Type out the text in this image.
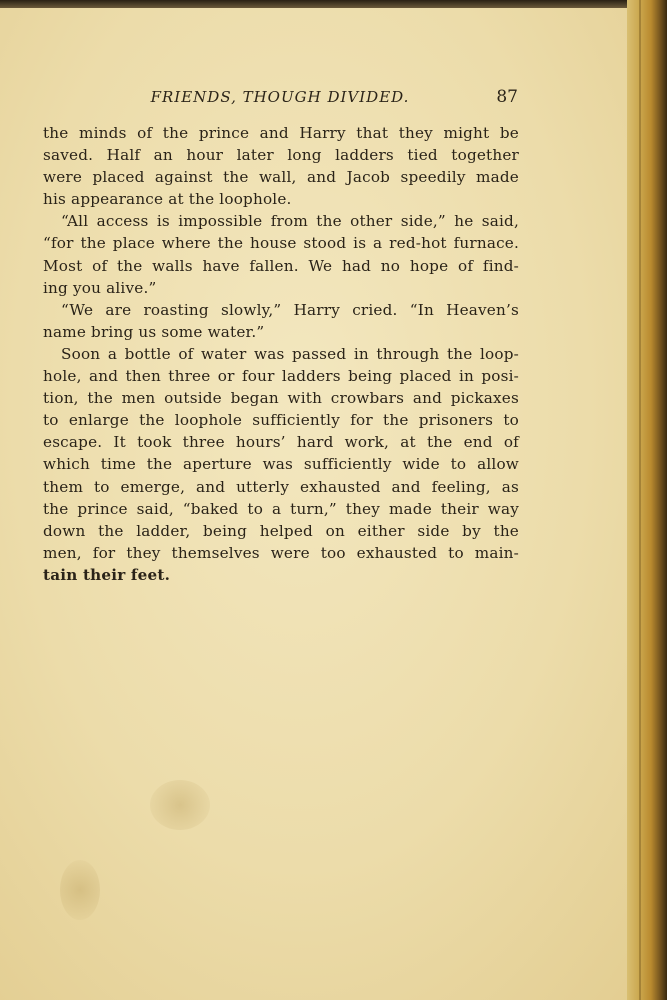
FRIENDS, THOUGH DIVIDED.	87
the minds of the prince and Harry that they might be
saved. Half an hour later long ladders tied together
were placed against the wall, and Jacob speedily made
his appearance at the loophole.
“All access is impossible from the other side,” he said,
“for the place where the house stood is a red-hot furnace.
Most of the walls have fallen. We had no hope of find-
ing you alive.”
“We are roasting slowly,” Harry cried. “In Heaven’s
name bring us some water.”
Soon a bottle of water was passed in through the loop-
hole, and then three or four ladders being placed in posi-
tion, the men outside began with crowbars and pickaxes
to enlarge the loophole sufficiently for the prisoners to
escape. It took three hours’ hard work, at the end of
which time the aperture was sufficiently wide to allow
them to emerge, and utterly exhausted and feeling, as
the prince said, “baked to a turn,” they made their way
down the ladder, being helped on either side by the
men, for they themselves were too exhausted to main-
tain their feet.
